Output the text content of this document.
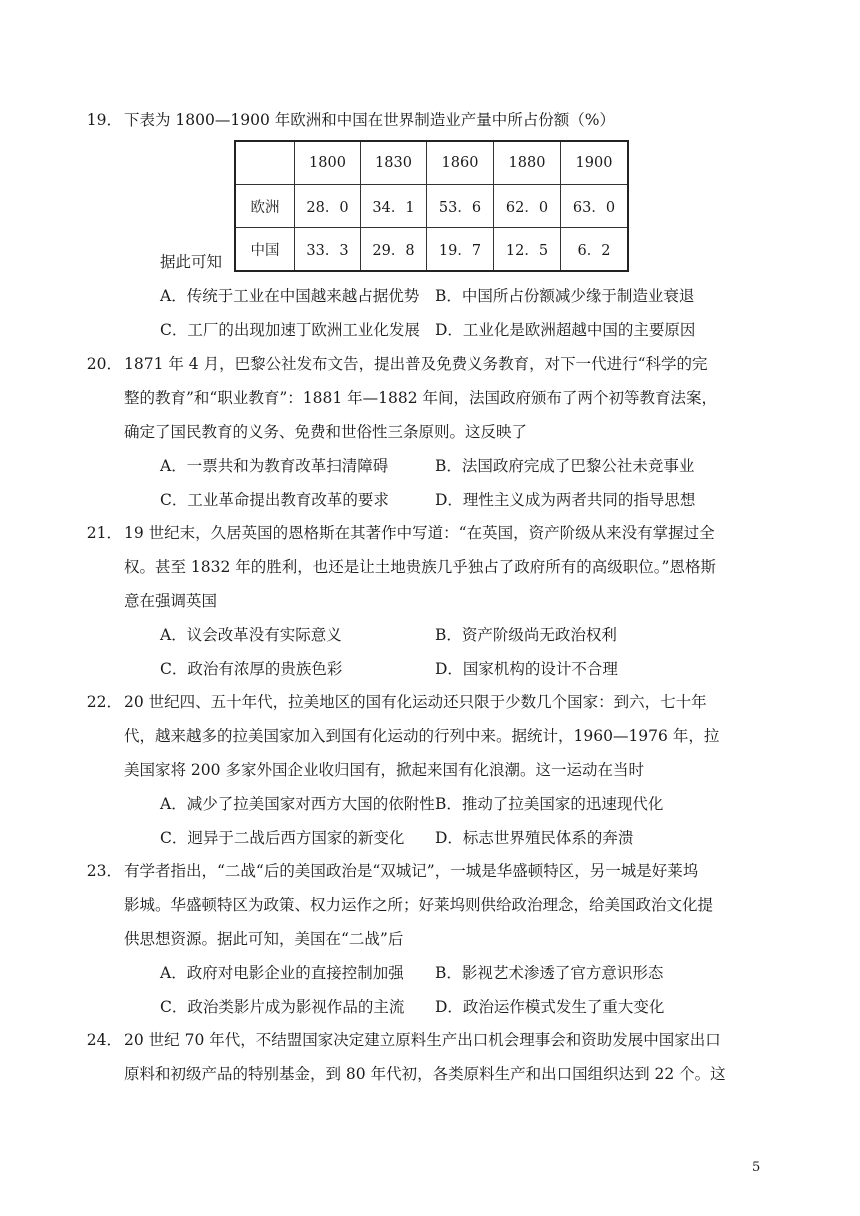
19． 下表为 1800—1900 年欧洲和中国在世界制造业产量中所占份额（%）
	1800	1830	1860	1880	1900
欧洲	28．0	34．1	53．6	62．0	63．0
中国	33．3	29．8	19．7	12．5	6．2
据此可知
A．传统于工业在中国越来越占据优势 B．中国所占份额减少缘于制造业衰退
C．工厂的出现加速丁欧洲工业化发展 D．工业化是欧洲超越中国的主要原因
20． 1871 年 4 月，巴黎公社发布文告，提出普及免费义务教育，对下一代进行“科学的完
整的教育”和“职业教育”：1881 年—1882 年间，法国政府颁布了两个初等教育法案，
确定了国民教育的义务、免费和世俗性三条原则。这反映了
A．一票共和为教育改革扫清障碍	B．法国政府完成了巴黎公社未竞事业
C．工业革命提出教育改革的要求	D．理性主义成为两者共同的指导思想
21． 19 世纪末，久居英国的恩格斯在其著作中写道：“在英国，资产阶级从来没有掌握过全
权。甚至 1832 年的胜利，也还是让土地贵族几乎独占了政府所有的高级职位。”恩格斯
意在强调英国
A．议会改革没有实际意义	B．资产阶级尚无政治权利
C．政治有浓厚的贵族色彩	D．国家机构的设计不合理
22． 20 世纪四、五十年代，拉美地区的国有化运动还只限于少数几个国家：到六，七十年
代，越来越多的拉美国家加入到国有化运动的行列中来。据统计，1960—1976 年，拉
美国家将 200 多家外国企业收归国有，掀起来国有化浪潮。这一运动在当时
A．减少了拉美国家对西方大国的依附性 B．推动了拉美国家的迅速现代化
C．迥异于二战后西方国家的新变化 D．标志世界殖民体系的奔溃
23． 有学者指出，“二战“后的美国政治是“双城记”，一城是华盛顿特区，另一城是好莱坞
影城。华盛顿特区为政策、权力运作之所；好莱坞则供给政治理念，给美国政治文化提
供思想资源。据此可知，美国在“二战”后
A．政府对电影企业的直接控制加强 B．影视艺术渗透了官方意识形态
C．政治类影片成为影视作品的主流 D．政治运作模式发生了重大变化
24． 20 世纪 70 年代，不结盟国家决定建立原料生产出口机会理事会和资助发展中国家出口
原料和初级产品的特别基金，到 80 年代初，各类原料生产和出口国组织达到 22 个。这
5
